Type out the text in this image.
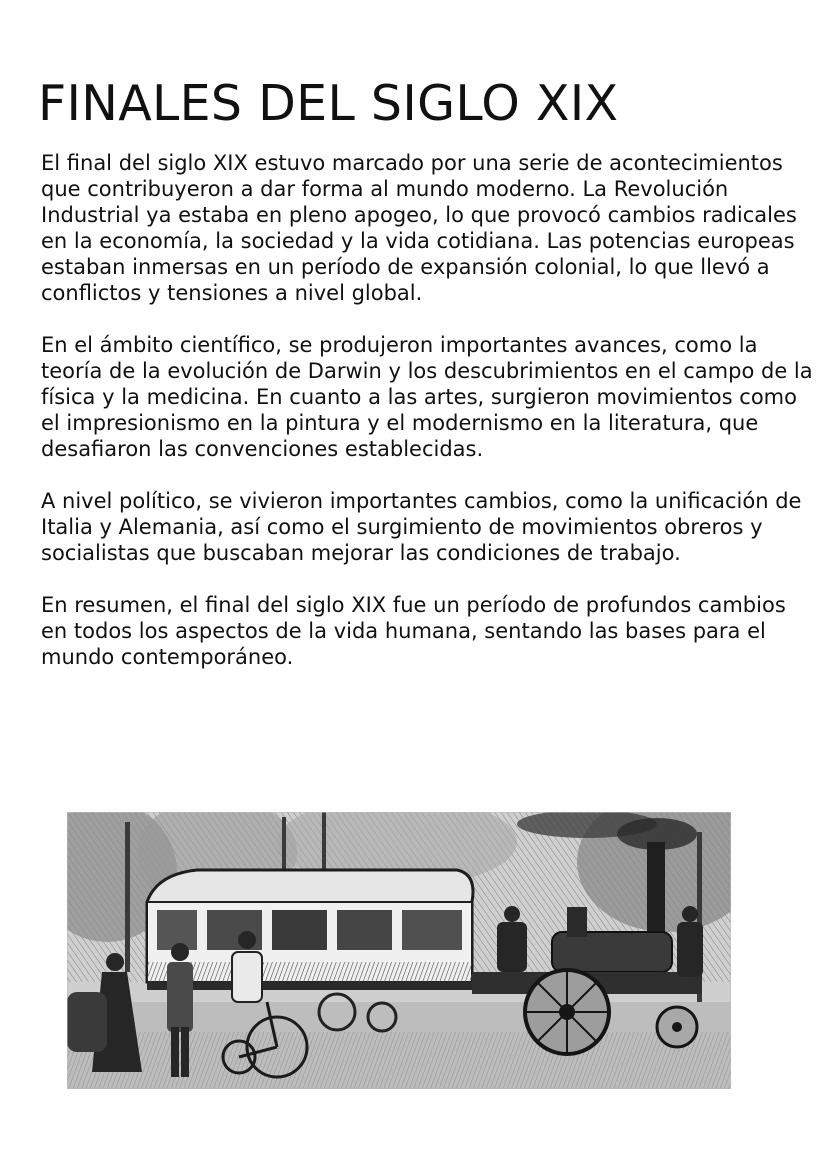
FINALES DEL SIGLO XIX

El final del siglo XIX estuvo marcado por una serie de acontecimientos que contribuyeron a dar forma al mundo moderno. La Revolución Industrial ya estaba en pleno apogeo, lo que provocó cambios radicales en la economía, la sociedad y la vida cotidiana. Las potencias europeas estaban inmersas en un período de expansión colonial, lo que llevó a conflictos y tensiones a nivel global.

En el ámbito científico, se produjeron importantes avances, como la teoría de la evolución de Darwin y los descubrimientos en el campo de la física y la medicina. En cuanto a las artes, surgieron movimientos como el impresionismo en la pintura y el modernismo en la literatura, que desafiaron las convenciones establecidas.

A nivel político, se vivieron importantes cambios, como la unificación de Italia y Alemania, así como el surgimiento de movimientos obreros y socialistas que buscaban mejorar las condiciones de trabajo.

En resumen, el final del siglo XIX fue un período de profundos cambios en todos los aspectos de la vida humana, sentando las bases para el mundo contemporáneo.
